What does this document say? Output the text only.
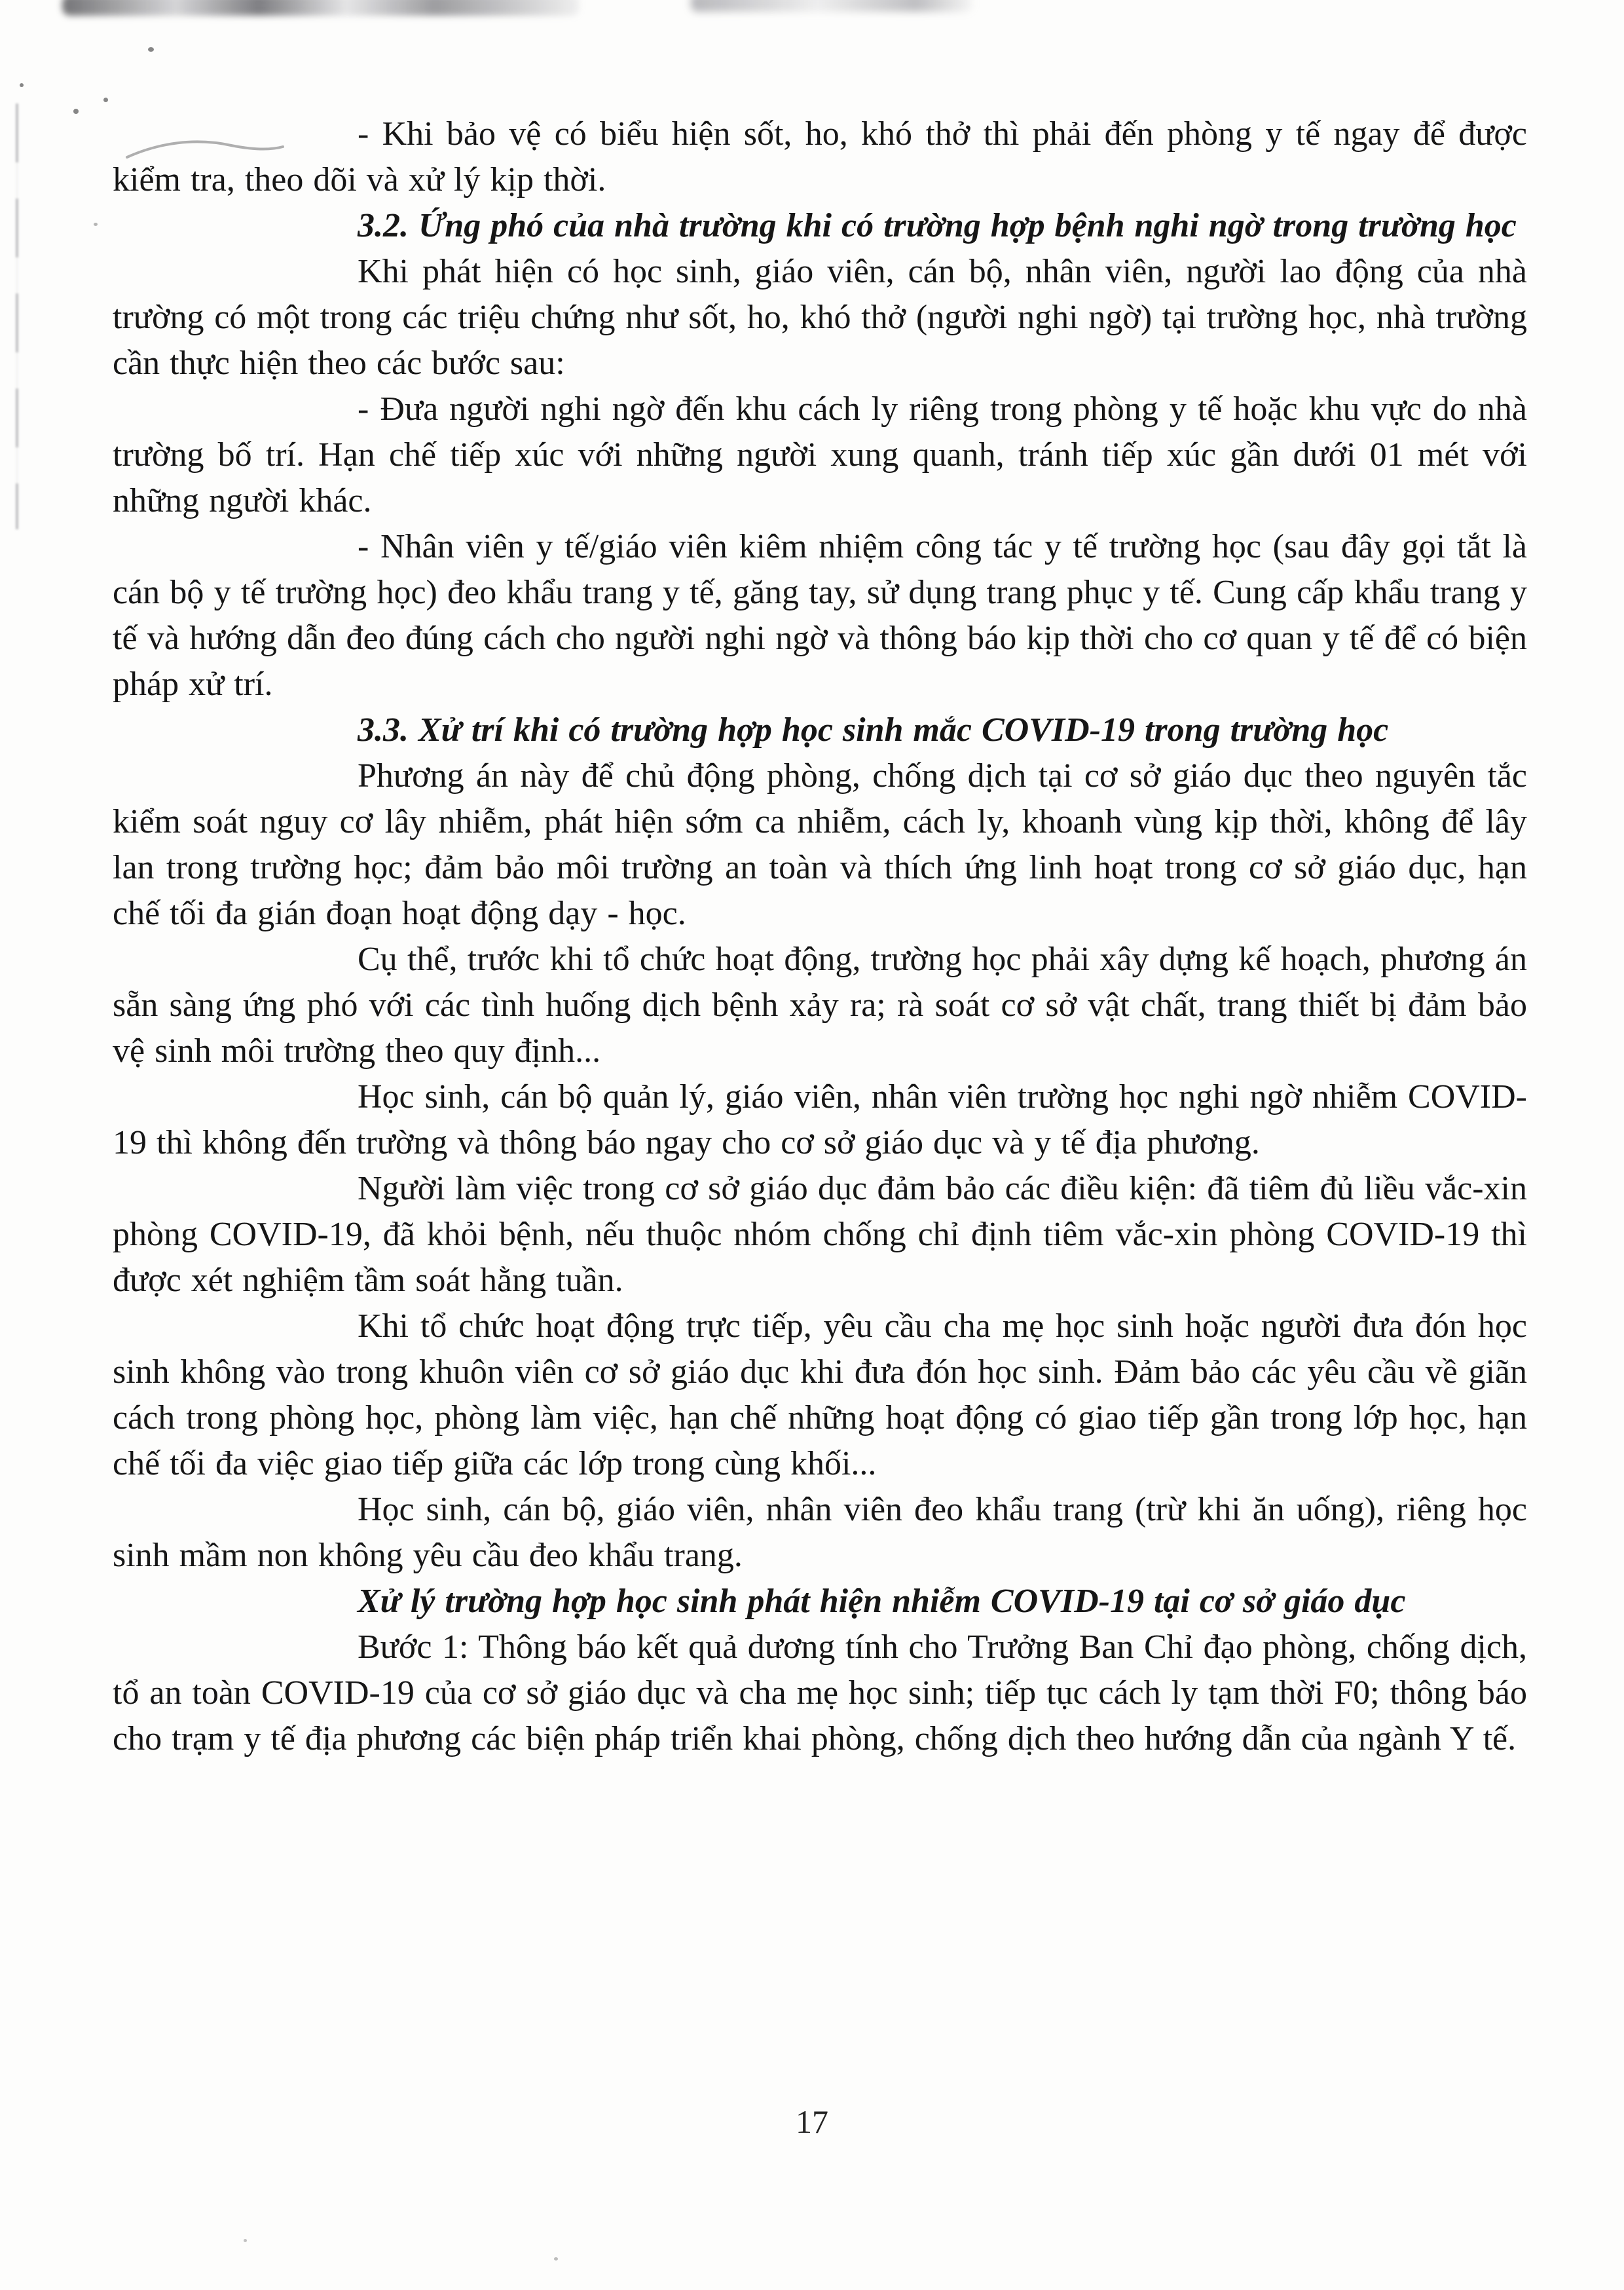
- Khi bảo vệ có biểu hiện sốt, ho, khó thở thì phải đến phòng y tế ngay để được kiểm tra, theo dõi và xử lý kịp thời.

3.2. Ứng phó của nhà trường khi có trường hợp bệnh nghi ngờ trong trường học

Khi phát hiện có học sinh, giáo viên, cán bộ, nhân viên, người lao động của nhà trường có một trong các triệu chứng như sốt, ho, khó thở (người nghi ngờ) tại trường học, nhà trường cần thực hiện theo các bước sau:

- Đưa người nghi ngờ đến khu cách ly riêng trong phòng y tế hoặc khu vực do nhà trường bố trí. Hạn chế tiếp xúc với những người xung quanh, tránh tiếp xúc gần dưới 01 mét với những người khác.

- Nhân viên y tế/giáo viên kiêm nhiệm công tác y tế trường học (sau đây gọi tắt là cán bộ y tế trường học) đeo khẩu trang y tế, găng tay, sử dụng trang phục y tế. Cung cấp khẩu trang y tế và hướng dẫn đeo đúng cách cho người nghi ngờ và thông báo kịp thời cho cơ quan y tế để có biện pháp xử trí.

3.3. Xử trí khi có trường hợp học sinh mắc COVID-19 trong trường học

Phương án này để chủ động phòng, chống dịch tại cơ sở giáo dục theo nguyên tắc kiểm soát nguy cơ lây nhiễm, phát hiện sớm ca nhiễm, cách ly, khoanh vùng kịp thời, không để lây lan trong trường học; đảm bảo môi trường an toàn và thích ứng linh hoạt trong cơ sở giáo dục, hạn chế tối đa gián đoạn hoạt động dạy - học.

Cụ thể, trước khi tổ chức hoạt động, trường học phải xây dựng kế hoạch, phương án sẵn sàng ứng phó với các tình huống dịch bệnh xảy ra; rà soát cơ sở vật chất, trang thiết bị đảm bảo vệ sinh môi trường theo quy định...

Học sinh, cán bộ quản lý, giáo viên, nhân viên trường học nghi ngờ nhiễm COVID-19 thì không đến trường và thông báo ngay cho cơ sở giáo dục và y tế địa phương.

Người làm việc trong cơ sở giáo dục đảm bảo các điều kiện: đã tiêm đủ liều vắc-xin phòng COVID-19, đã khỏi bệnh, nếu thuộc nhóm chống chỉ định tiêm vắc-xin phòng COVID-19 thì được xét nghiệm tầm soát hằng tuần.

Khi tổ chức hoạt động trực tiếp, yêu cầu cha mẹ học sinh hoặc người đưa đón học sinh không vào trong khuôn viên cơ sở giáo dục khi đưa đón học sinh. Đảm bảo các yêu cầu về giãn cách trong phòng học, phòng làm việc, hạn chế những hoạt động có giao tiếp gần trong lớp học, hạn chế tối đa việc giao tiếp giữa các lớp trong cùng khối...

Học sinh, cán bộ, giáo viên, nhân viên đeo khẩu trang (trừ khi ăn uống), riêng học sinh mầm non không yêu cầu đeo khẩu trang.

Xử lý trường hợp học sinh phát hiện nhiễm COVID-19 tại cơ sở giáo dục

Bước 1: Thông báo kết quả dương tính cho Trưởng Ban Chỉ đạo phòng, chống dịch, tổ an toàn COVID-19 của cơ sở giáo dục và cha mẹ học sinh; tiếp tục cách ly tạm thời F0; thông báo cho trạm y tế địa phương các biện pháp triển khai phòng, chống dịch theo hướng dẫn của ngành Y tế.

17
